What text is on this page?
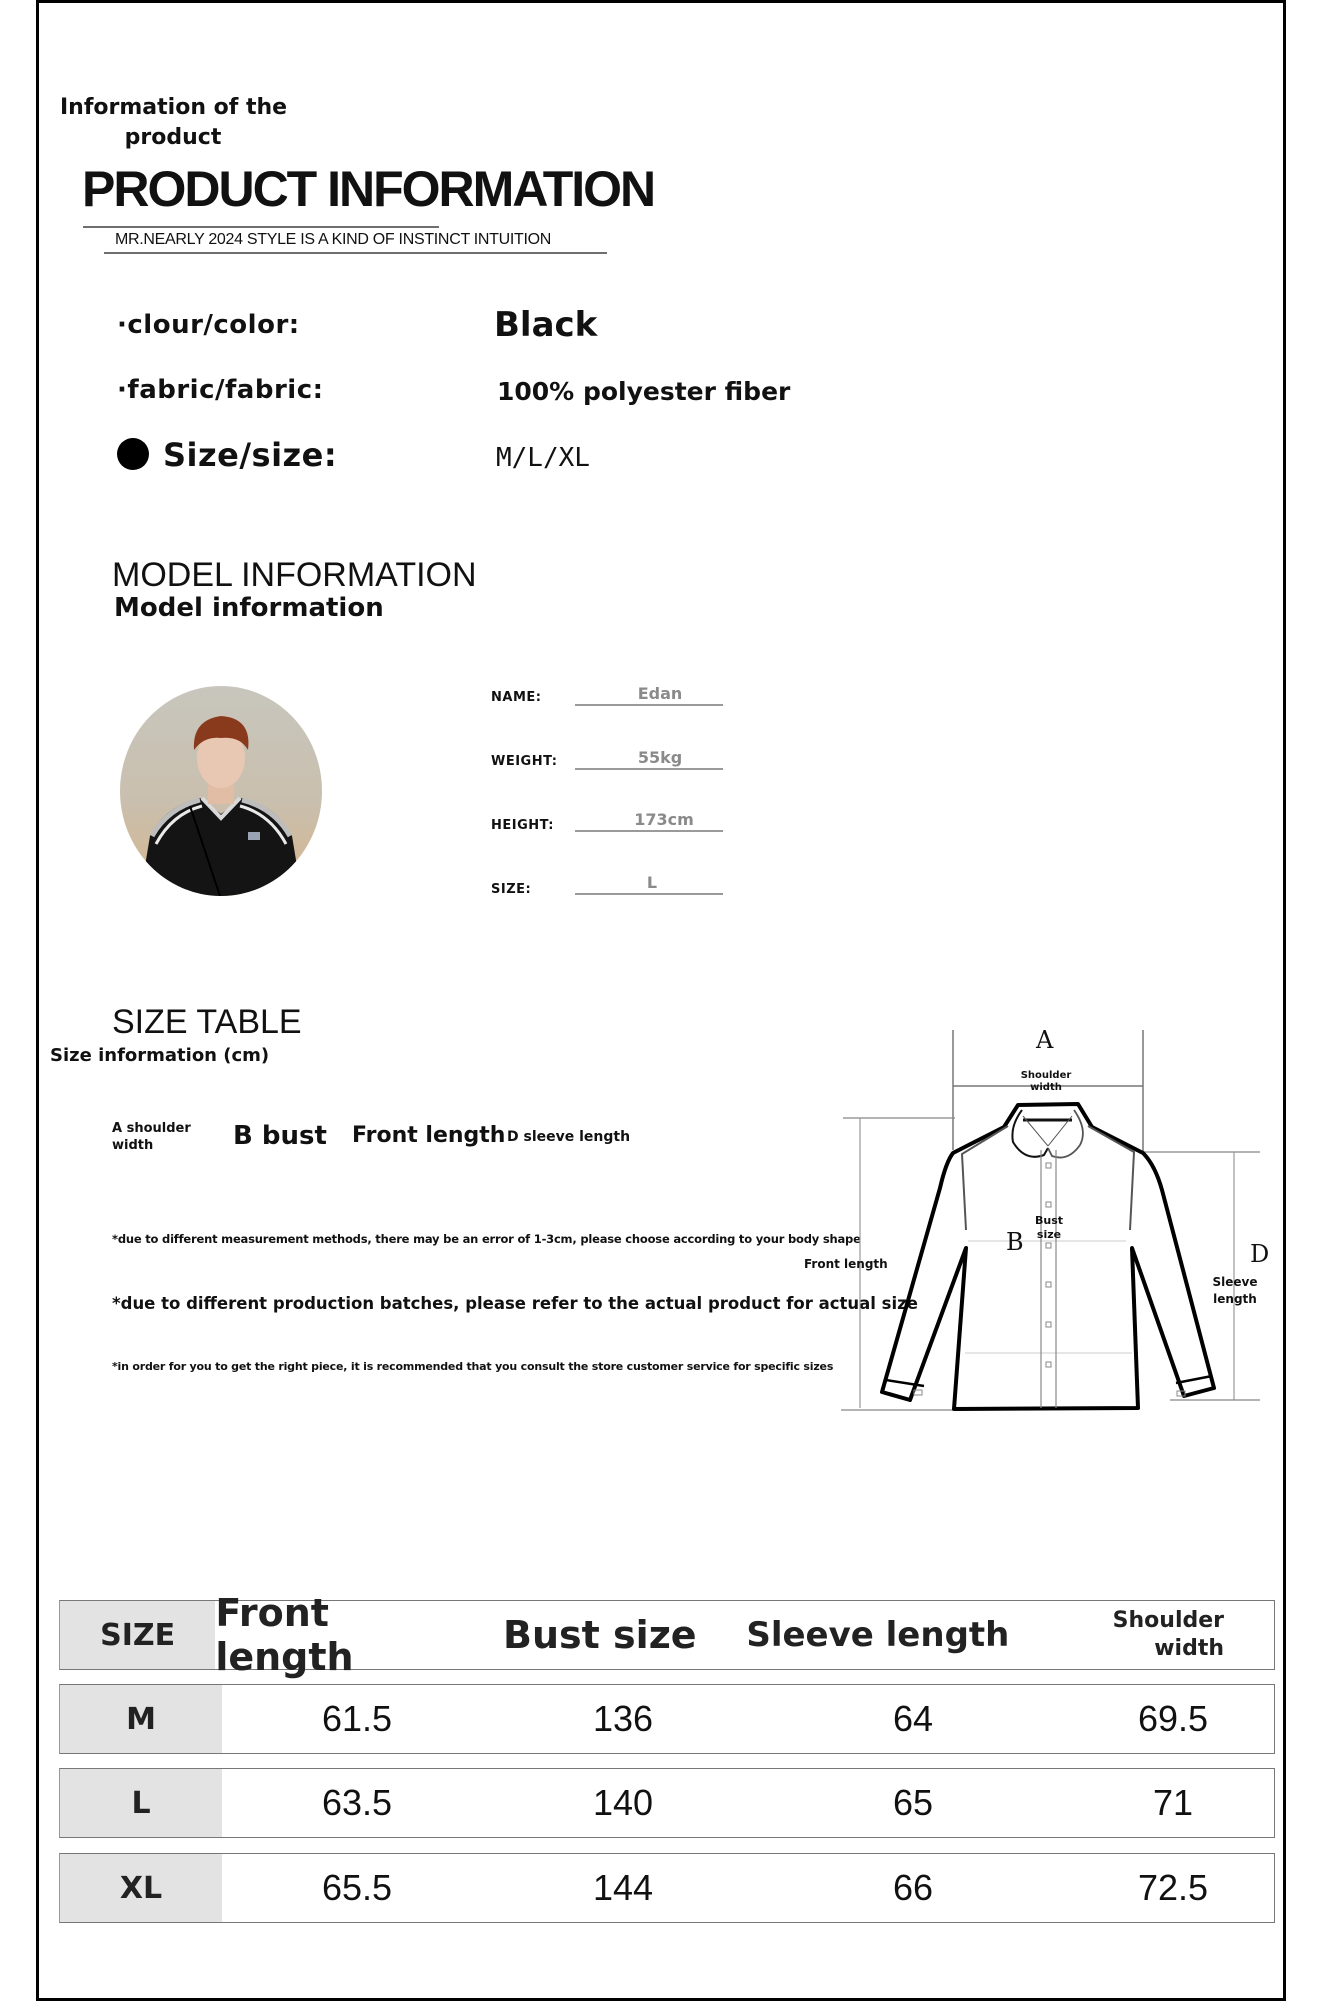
Information of the
product
PRODUCT INFORMATION
MR.NEARLY 2024 STYLE IS A KIND OF INSTINCT INTUITION
·clour/color:	Black
·fabric/fabric:	100% polyester fiber
Size/size:	M/L/XL
MODEL INFORMATION
Model information
NAME:	Edan
WEIGHT:	55kg
HEIGHT:	173cm
SIZE:	L
SIZE TABLE
Size information (cm)
A shoulder
width	B bust Front length D sleeve length
*due to different measurement methods, there may be an error of 1-3cm, please choose according to your body shape
*due to different production batches, please refer to the actual product for actual size
*in order for you to get the right piece, it is recommended that you consult the store customer service for specific sizes
A
Shoulder
width
B
Bust
size
Front length	D
Sleeve
length
SIZE	Front length	Bust size	Sleeve length	Shoulder
width
M	61.5	136	64	69.5
L	63.5	140	65	71
XL	65.5	144	66	72.5
